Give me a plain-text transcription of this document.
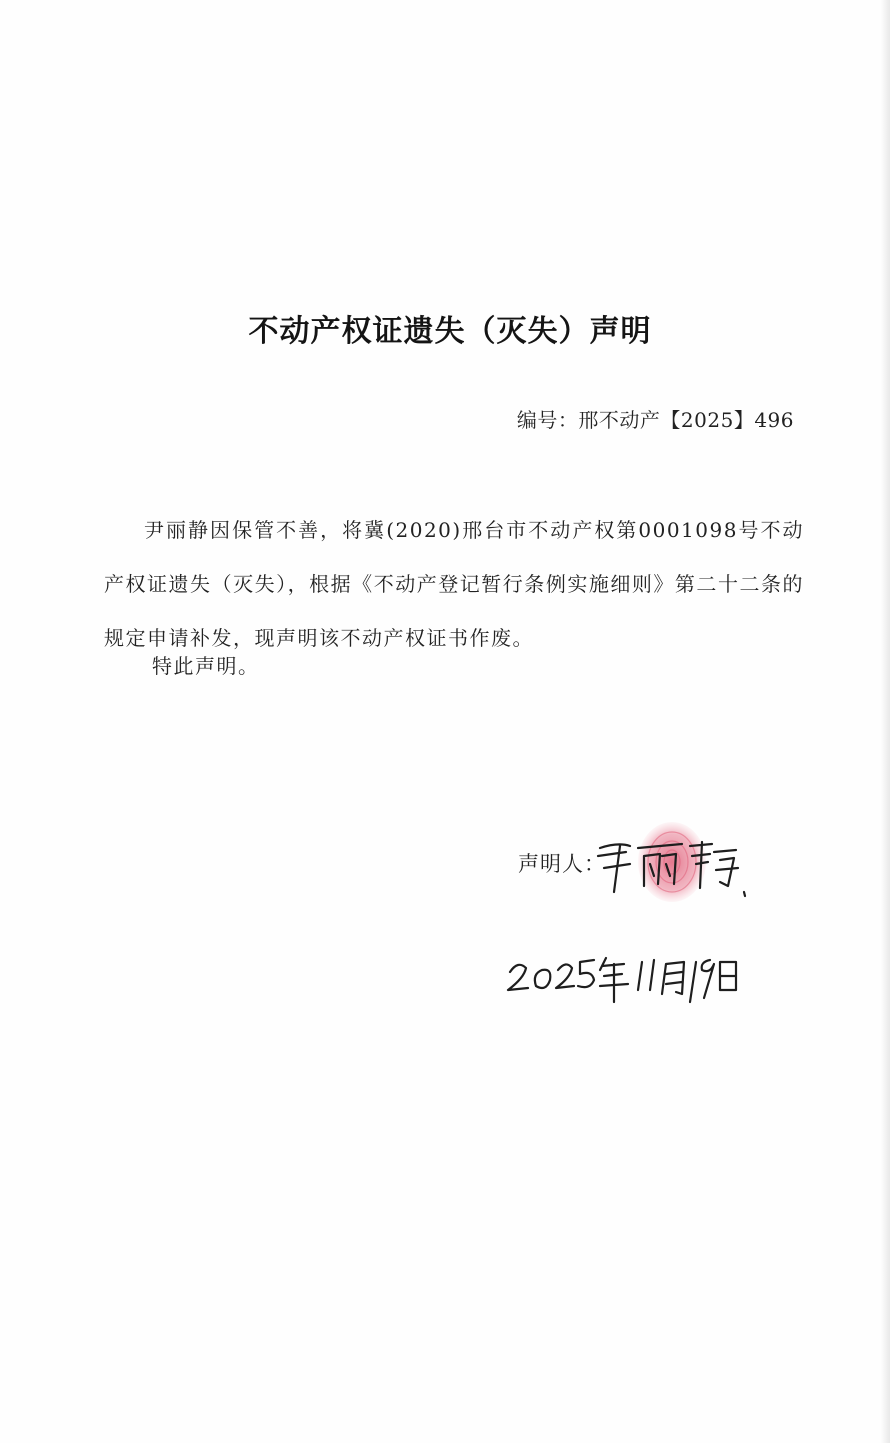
不动产权证遗失（灭失）声明
编号：邢不动产【2025】496

尹丽静因保管不善，将冀(2020)邢台市不动产权第0001098号不动产权证遗失（灭失），根据《不动产登记暂行条例实施细则》第二十二条的规定申请补发，现声明该不动产权证书作废。

特此声明。
声明人：
